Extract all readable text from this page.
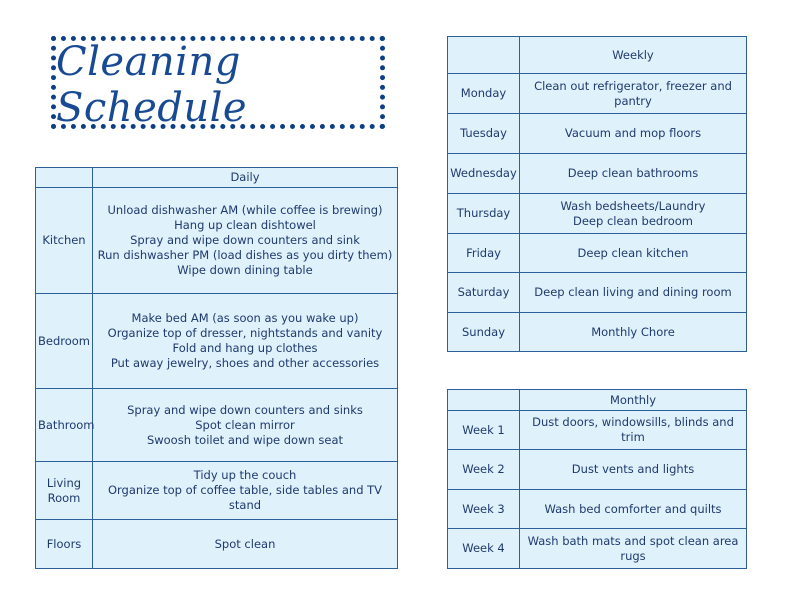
Cleaning Schedule
	Daily

Kitchen	Unload dishwasher AM (while coffee is brewing)
Hang up clean dishtowel
Spray and wipe down counters and sink
Run dishwasher PM (load dishes as you dirty them)
Wipe down dining table

Bedroom	Make bed AM (as soon as you wake up)
Organize top of dresser, nightstands and vanity
Fold and hang up clothes
Put away jewelry, shoes and other accessories

Bathroom	Spray and wipe down counters and sinks
Spot clean mirror
Swoosh toilet and wipe down seat

Living
Room	Tidy up the couch
Organize top of coffee table, side tables and TV stand

Floors	Spot clean
	Weekly
Monday	Clean out refrigerator, freezer and pantry

Tuesday	Vacuum and mop floors

Wednesday	Deep clean bathrooms

Thursday	Wash bedsheets/Laundry
Deep clean bedroom

Friday	Deep clean kitchen

Saturday	Deep clean living and dining room

Sunday	Monthly Chore
	Monthly
Week 1	Dust doors, windowsills, blinds and trim

Week 2	Dust vents and lights

Week 3	Wash bed comforter and quilts

Week 4	Wash bath mats and spot clean area rugs
